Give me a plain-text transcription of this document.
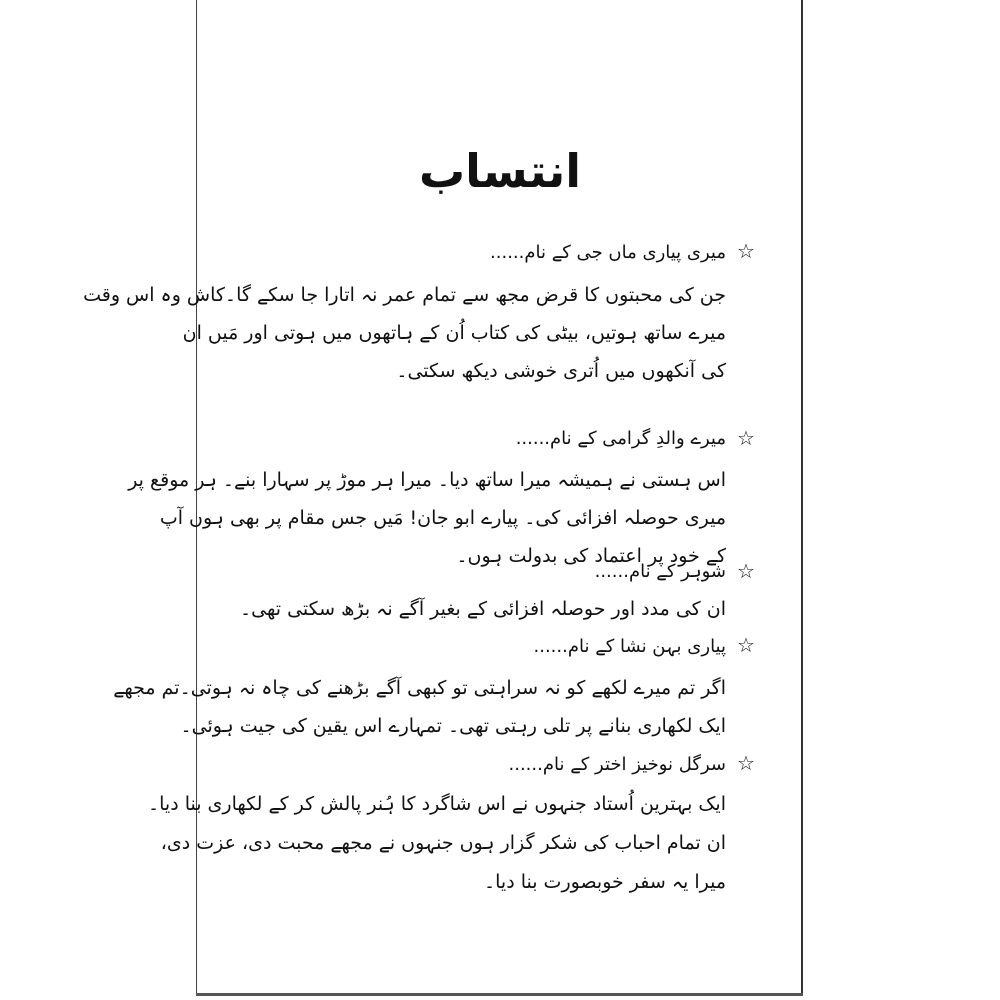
انتساب
☆
میری پیاری ماں جی کے نام......
جن کی محبتوں کا قرض مجھ سے تمام عمر نہ اتارا جا سکے گا۔کاش وہ اس وقت
میرے ساتھ ہوتیں، بیٹی کی کتاب اُن کے ہاتھوں میں ہوتی اور مَیں ان
کی آنکھوں میں اُتری خوشی دیکھ سکتی۔
☆
میرے والدِ گرامی کے نام......
اس ہستی نے ہمیشہ میرا ساتھ دیا۔ میرا ہر موڑ پر سہارا بنے۔ ہر موقع پر
میری حوصلہ افزائی کی۔ پیارے ابو جان! مَیں جس مقام پر بھی ہوں آپ
کے خود پر اعتماد کی بدولت ہوں۔
☆
شوہر کے نام......
ان کی مدد اور حوصلہ افزائی کے بغیر آگے نہ بڑھ سکتی تھی۔
☆
پیاری بہن نشا کے نام......
اگر تم میرے لکھے کو نہ سراہتی تو کبھی آگے بڑھنے کی چاہ نہ ہوتی۔تم مجھے
ایک لکھاری بنانے پر تلی رہتی تھی۔ تمہارے اس یقین کی جیت ہوئی۔
☆
سرگل نوخیز اختر کے نام......
ایک بہترین اُستاد جنہوں نے اس شاگرد کا ہُنر پالش کر کے لکھاری بنا دیا۔
ان تمام احباب کی شکر گزار ہوں جنہوں نے مجھے محبت دی، عزت دی،
میرا یہ سفر خوبصورت بنا دیا۔
